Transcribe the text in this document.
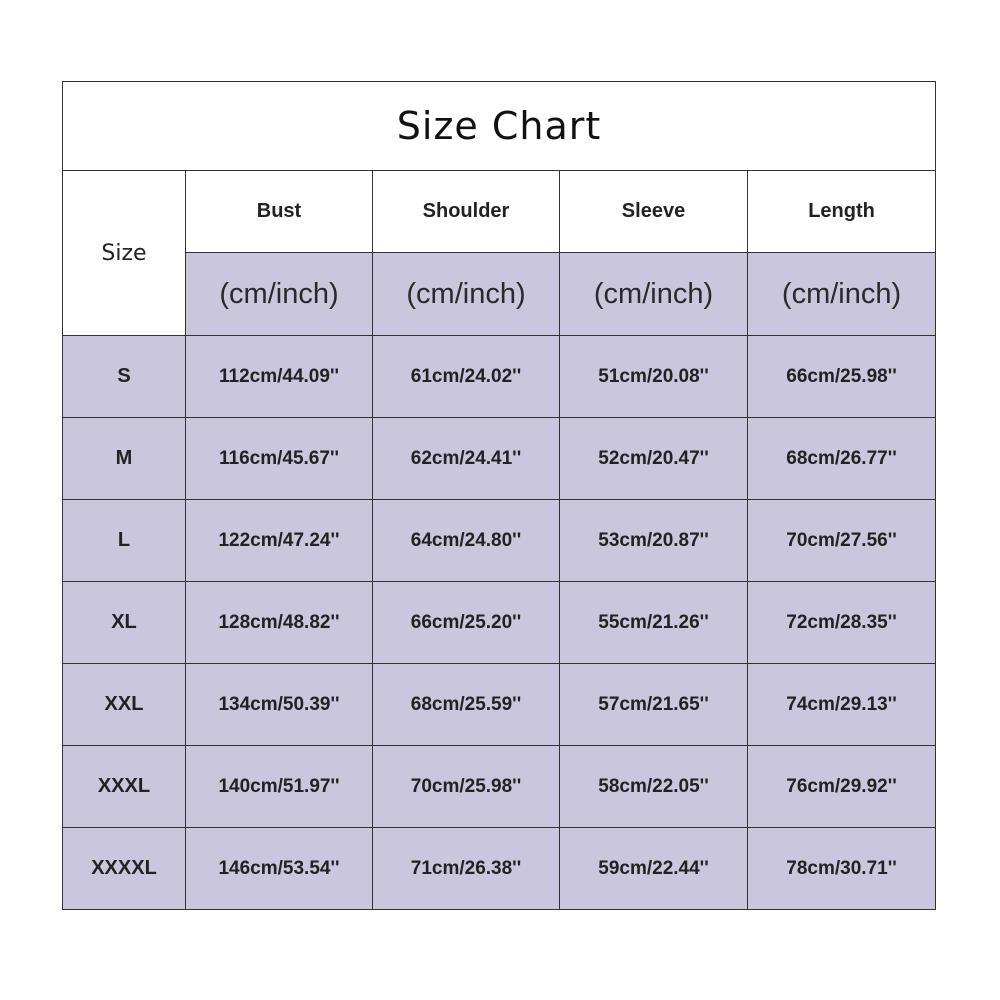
Size Chart				
Size	Bust	Shoulder	Sleeve	Length
	(cm/inch)	(cm/inch)	(cm/inch)	(cm/inch)
S	112cm/44.09''	61cm/24.02''	51cm/20.08''	66cm/25.98''
M	116cm/45.67''	62cm/24.41''	52cm/20.47''	68cm/26.77''
L	122cm/47.24''	64cm/24.80''	53cm/20.87''	70cm/27.56''
XL	128cm/48.82''	66cm/25.20''	55cm/21.26''	72cm/28.35''
XXL	134cm/50.39''	68cm/25.59''	57cm/21.65''	74cm/29.13''
XXXL	140cm/51.97''	70cm/25.98''	58cm/22.05''	76cm/29.92''
XXXXL	146cm/53.54''	71cm/26.38''	59cm/22.44''	78cm/30.71''
